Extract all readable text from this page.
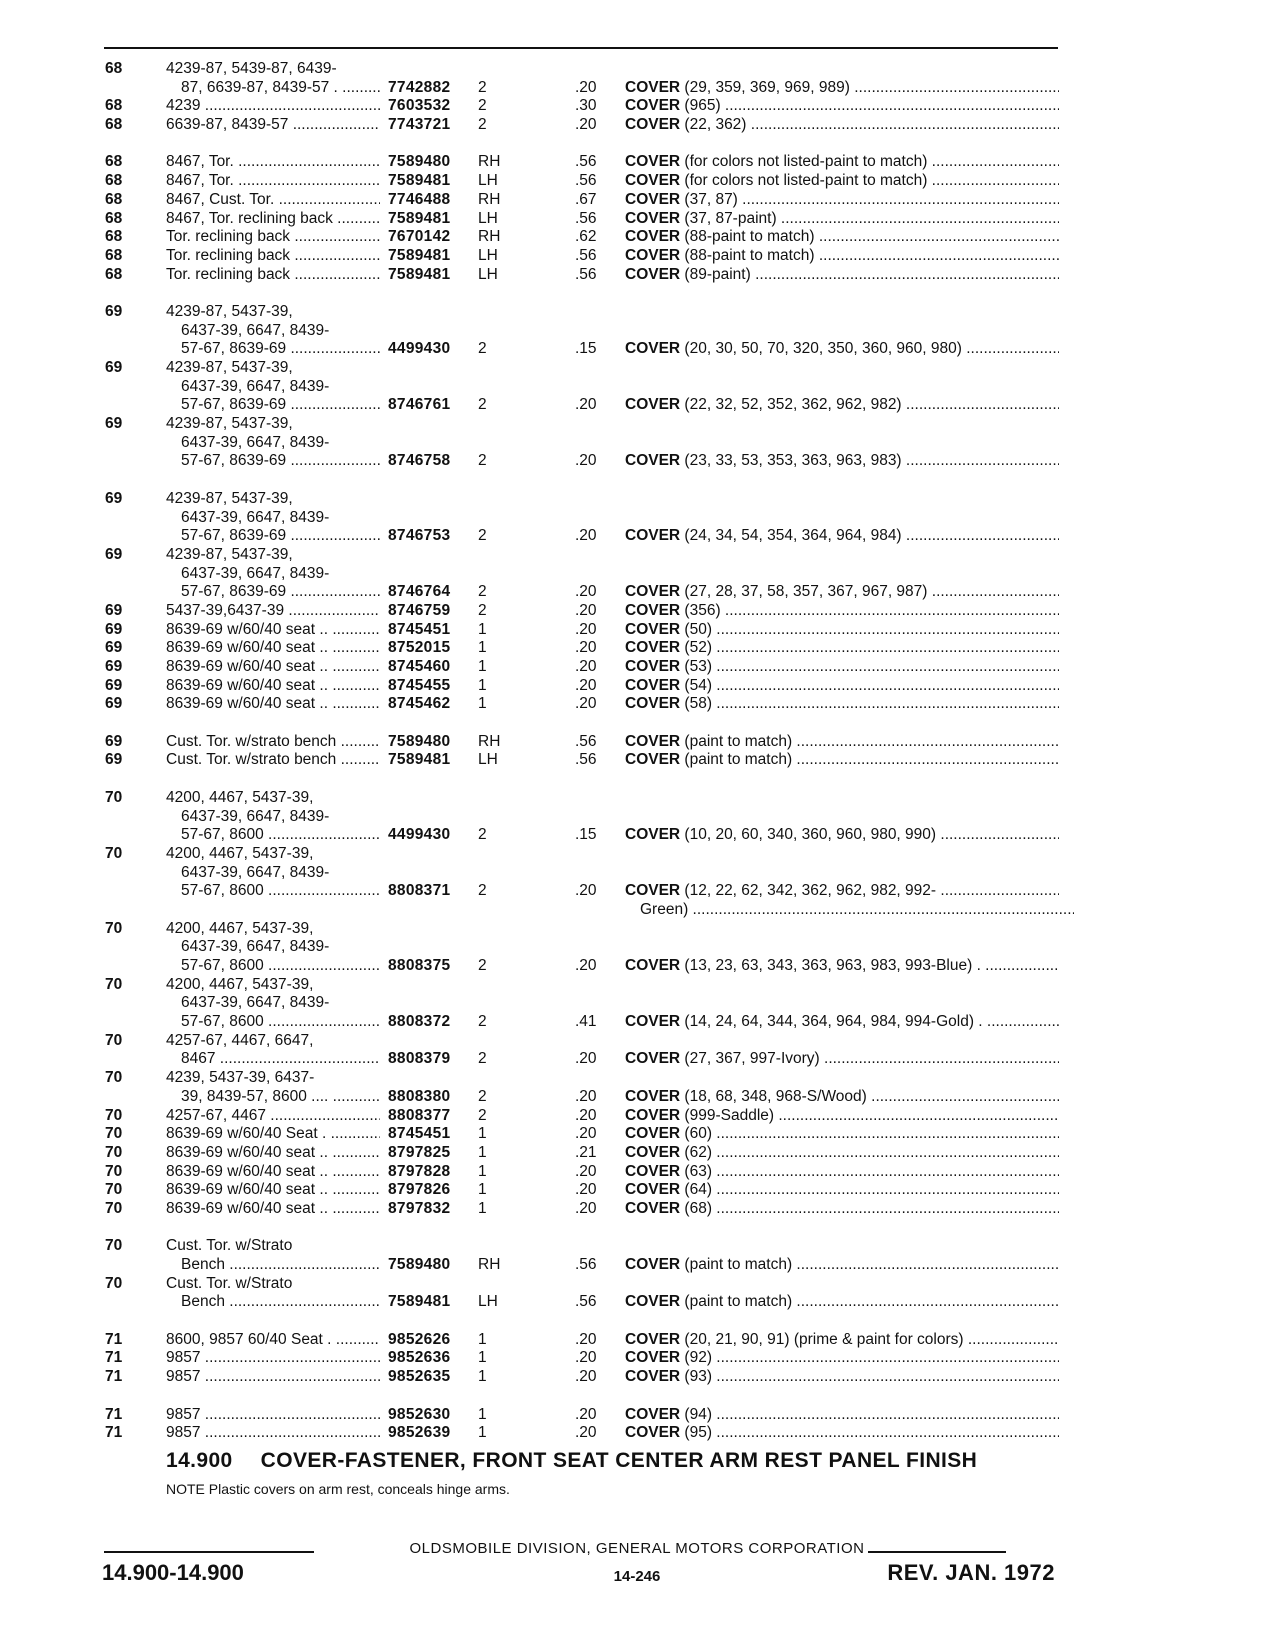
68	4239-87, 5439-87, 6439-
87, 6639-87, 8439-57 . .....	7742882 2	.20 COVER (29, 359, 369, 969, 989) .....
68	4239 .....	7603532 2	.30 COVER (965) .....
68	6639-87, 8439-57 .....	7743721 2	.20 COVER (22, 362) .....
68	8467, Tor. .....	7589480 RH	.56 COVER (for colors not listed-paint to match) .....
68	8467, Tor. .....	7589481 LH	.56 COVER (for colors not listed-paint to match) .....
68	8467, Cust. Tor. .....	7746488 RH	.67 COVER (37, 87) .....
68	8467, Tor. reclining back .....	7589481 LH	.56 COVER (37, 87-paint) .....
68	Tor. reclining back .....	7670142 RH	.62 COVER (88-paint to match) .....
68	Tor. reclining back .....	7589481 LH	.56 COVER (88-paint to match) .....
68	Tor. reclining back .....	7589481 LH	.56 COVER (89-paint) .....
69	4239-87, 5437-39,
6437-39, 6647, 8439-
57-67, 8639-69 .....	4499430 2	.15 COVER (20, 30, 50, 70, 320, 350, 360, 960, 980) .....
69	4239-87, 5437-39,
6437-39, 6647, 8439-
57-67, 8639-69 .....	8746761 2	.20 COVER (22, 32, 52, 352, 362, 962, 982) .....
69	4239-87, 5437-39,
6437-39, 6647, 8439-
57-67, 8639-69 .....	8746758 2	.20 COVER (23, 33, 53, 353, 363, 963, 983) .....
69	4239-87, 5437-39,
6437-39, 6647, 8439-
57-67, 8639-69 .....	8746753 2	.20 COVER (24, 34, 54, 354, 364, 964, 984) .....
69	4239-87, 5437-39,
6437-39, 6647, 8439-
57-67, 8639-69 .....	8746764 2	.20 COVER (27, 28, 37, 58, 357, 367, 967, 987) .....
69	5437-39,6437-39 .....	8746759 2	.20 COVER (356) .....
69	8639-69 w/60/40 seat .. .....	8745451 1	.20 COVER (50) .....
69	8639-69 w/60/40 seat .. .....	8752015 1	.20 COVER (52) .....
69	8639-69 w/60/40 seat .. .....	8745460 1	.20 COVER (53) .....
69	8639-69 w/60/40 seat .. .....	8745455 1	.20 COVER (54) .....
69	8639-69 w/60/40 seat .. .....	8745462 1	.20 COVER (58) .....
69	Cust. Tor. w/strato bench .....	7589480 RH	.56 COVER (paint to match) .....
69	Cust. Tor. w/strato bench .....	7589481 LH	.56 COVER (paint to match) .....
70	4200, 4467, 5437-39,
6437-39, 6647, 8439-
57-67, 8600 .....	4499430 2	.15 COVER (10, 20, 60, 340, 360, 960, 980, 990) .....
70	4200, 4467, 5437-39,
6437-39, 6647, 8439-
57-67, 8600 .....	8808371 2	.20 COVER (12, 22, 62, 342, 362, 962, 982, 992- .....
Green) .....
70	4200, 4467, 5437-39,
6437-39, 6647, 8439-
57-67, 8600 .....	8808375 2	.20 COVER (13, 23, 63, 343, 363, 963, 983, 993-Blue) . .....
70	4200, 4467, 5437-39,
6437-39, 6647, 8439-
57-67, 8600 .....	8808372 2	.41 COVER (14, 24, 64, 344, 364, 964, 984, 994-Gold) . .....
70	4257-67, 4467, 6647,
8467 .....	8808379 2	.20 COVER (27, 367, 997-Ivory) .....
70	4239, 5437-39, 6437-
39, 8439-57, 8600 .... .....	8808380 2	.20 COVER (18, 68, 348, 968-S/Wood) .....
70	4257-67, 4467 .....	8808377 2	.20 COVER (999-Saddle) .....
70	8639-69 w/60/40 Seat . .....	8745451 1	.20 COVER (60) .....
70	8639-69 w/60/40 seat .. .....	8797825 1	.21 COVER (62) .....
70	8639-69 w/60/40 seat .. .....	8797828 1	.20 COVER (63) .....
70	8639-69 w/60/40 seat .. .....	8797826 1	.20 COVER (64) .....
70	8639-69 w/60/40 seat .. .....	8797832 1	.20 COVER (68) .....
70	Cust. Tor. w/Strato
Bench .....	7589480 RH	.56 COVER (paint to match) .....
70	Cust. Tor. w/Strato
Bench .....	7589481 LH	.56 COVER (paint to match) .....
71	8600, 9857 60/40 Seat . .....	9852626 1	.20 COVER (20, 21, 90, 91) (prime & paint for colors) .....
71	9857 .....	9852636 1	.20 COVER (92) .....
71	9857 .....	9852635 1	.20 COVER (93) .....
71	9857 .....	9852630 1	.20 COVER (94) .....
71	9857 .....	9852639 1	.20 COVER (95) .....
14.900 COVER-FASTENER, FRONT SEAT CENTER ARM REST PANEL FINISH
NOTE Plastic covers on arm rest, conceals hinge arms.
OLDSMOBILE DIVISION, GENERAL MOTORS CORPORATION
14.900-14.900	14-246	REV. JAN. 1972
